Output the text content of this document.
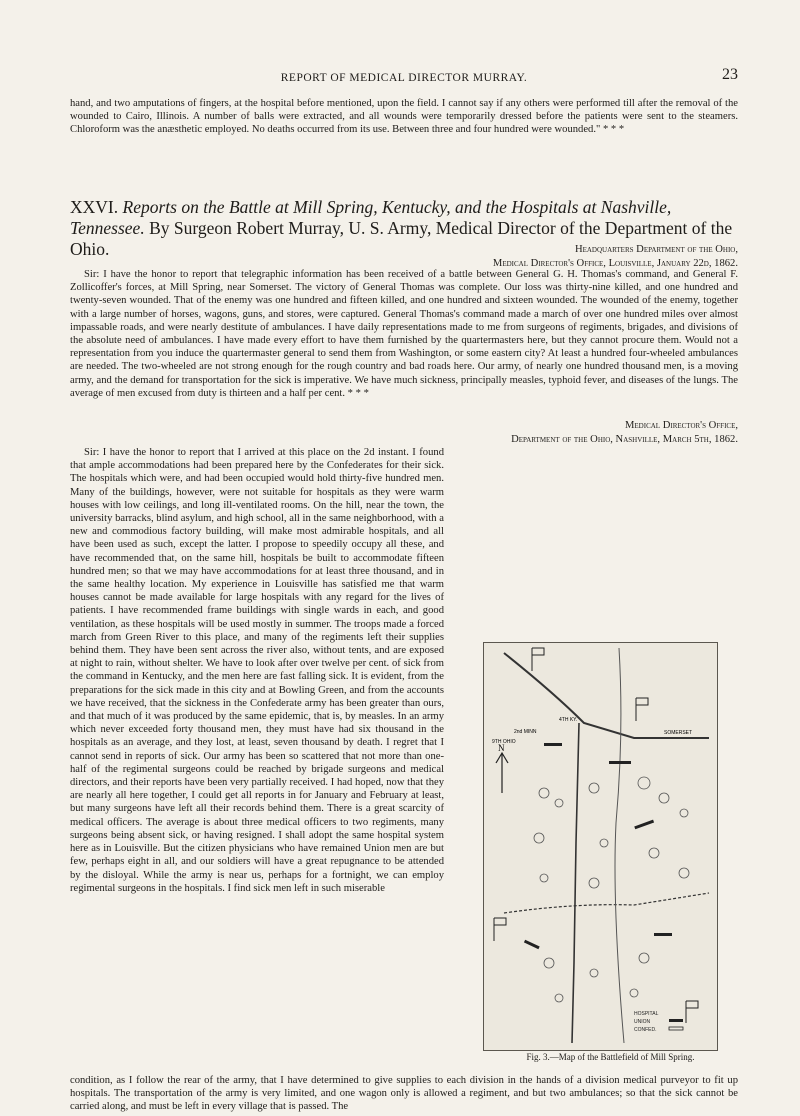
REPORT OF MEDICAL DIRECTOR MURRAY.	23

hand, and two amputations of fingers, at the hospital before mentioned, upon the field. I cannot say if any others were performed till after the removal of the wounded to Cairo, Illinois. A number of balls were extracted, and all wounds were temporarily dressed before the patients were sent to the steamers. Chloroform was the anæsthetic employed. No deaths occurred from its use. Between three and four hundred were wounded." * * *

XXVI. Reports on the Battle at Mill Spring, Kentucky, and the Hospitals at Nashville, Tennessee. By Surgeon Robert Murray, U. S. Army, Medical Director of the Department of the Ohio.	Headquarters Department of the Ohio,
Medical Director's Office, Louisville, January 22d, 1862.

Sir: I have the honor to report that telegraphic information has been received of a battle between General G. H. Thomas's command, and General F. Zollicoffer's forces, at Mill Spring, near Somerset. The victory of General Thomas was complete. Our loss was thirty-nine killed, and one hundred and twenty-seven wounded. That of the enemy was one hundred and fifteen killed, and one hundred and sixteen wounded. The wounded of the enemy, together with a large number of horses, wagons, guns, and stores, were captured. General Thomas's command made a march of over one hundred miles over almost impassable roads, and were nearly destitute of ambulances. I have daily representations made to me from surgeons of regiments, brigades, and divisions of the absolute need of ambulances. I have made every effort to have them furnished by the quartermasters here, but they cannot procure them. Would not a representation from you induce the quartermaster general to send them from Washington, or some eastern city? At least a hundred four-wheeled ambulances are needed. The two-wheeled are not strong enough for the rough country and bad roads here. Our army, of nearly one hundred thousand men, is a moving army, and the demand for transportation for the sick is imperative. We have much sickness, principally measles, typhoid fever, and diseases of the lungs. The average of men excused from duty is thirteen and a half per cent. * * *

Medical Director's Office,
Department of the Ohio, Nashville, March 5th, 1862.

Sir: I have the honor to report that I arrived at this place on the 2d instant. I found that ample accommodations had been prepared here by the Confederates for their sick. The hospitals which were, and had been occupied would hold thirty-five hundred men. Many of the buildings, however, were not suitable for hospitals as they were warm houses with low ceilings, and long ill-ventilated rooms. On the hill, near the town, the university barracks, blind asylum, and high school, all in the same neighborhood, with a new and commodious factory building, will make most admirable hospitals, and all have been used as such, except the latter. I propose to speedily occupy all these, and have recommended that, on the same hill, hospitals be built to accommodate fifteen hundred men; so that we may have accommodations for at least three thousand, and in the same healthy location. My experience in Louisville has satisfied me that warm houses cannot be made available for large hospitals with any regard for the lives of patients. I have recommended frame buildings with single wards in each, and good ventilation, as these hospitals will be used mostly in summer. The troops made a forced march from Green River to this place, and many of the regiments left their supplies behind them. They have been sent across the river also, without tents, and are exposed at night to rain, without shelter. We have to look after over twelve per cent. of sick from the command in Kentucky, and the men here are fast falling sick. It is evident, from the preparations for the sick made in this city and at Bowling Green, and from the accounts we have received, that the sickness in the Confederate army has been greater than ours, and that much of it was produced by the same epidemic, that is, by measles. In an army which never exceeded forty thousand men, they must have had six thousand in the hospitals as an average, and they lost, at least, seven thousand by death. I regret that I cannot send in reports of sick. Our army has been so scattered that not more than one-half of the regimental surgeons could be reached by brigade surgeons and medical directors, and their reports have been very partially received. I had hoped, now that they are nearly all here together, I could get all reports in for January and February at least, but many surgeons have left all their records behind them. There is a great scarcity of medical officers. The average is about three medical officers to two regiments, many surgeons being absent sick, or having resigned. I shall adopt the same hospital system here as in Louisville. But the citizen physicians who have remained Union men are but few, perhaps eight in all, and our soldiers will have a great repugnance to be attended by the disloyal. While the army is near us, perhaps for a fortnight, we can employ regimental surgeons in the hospitals. I find sick men left in such miserable

condition, as I follow the rear of the army, that I have determined to give supplies to each division in the hands of a division medical purveyor to fit up hospitals. The transportation of the army is very limited, and one wagon only is allowed a regiment, and but two ambulances; so that the sick cannot be carried along, and must be left in every village that is passed. The

N
SOMERSET
2nd MINN
4TH KY.
9TH OHIO
HOSPITAL
UNION
CONFED.
Fig. 3.—Map of the Battlefield of Mill Spring.
